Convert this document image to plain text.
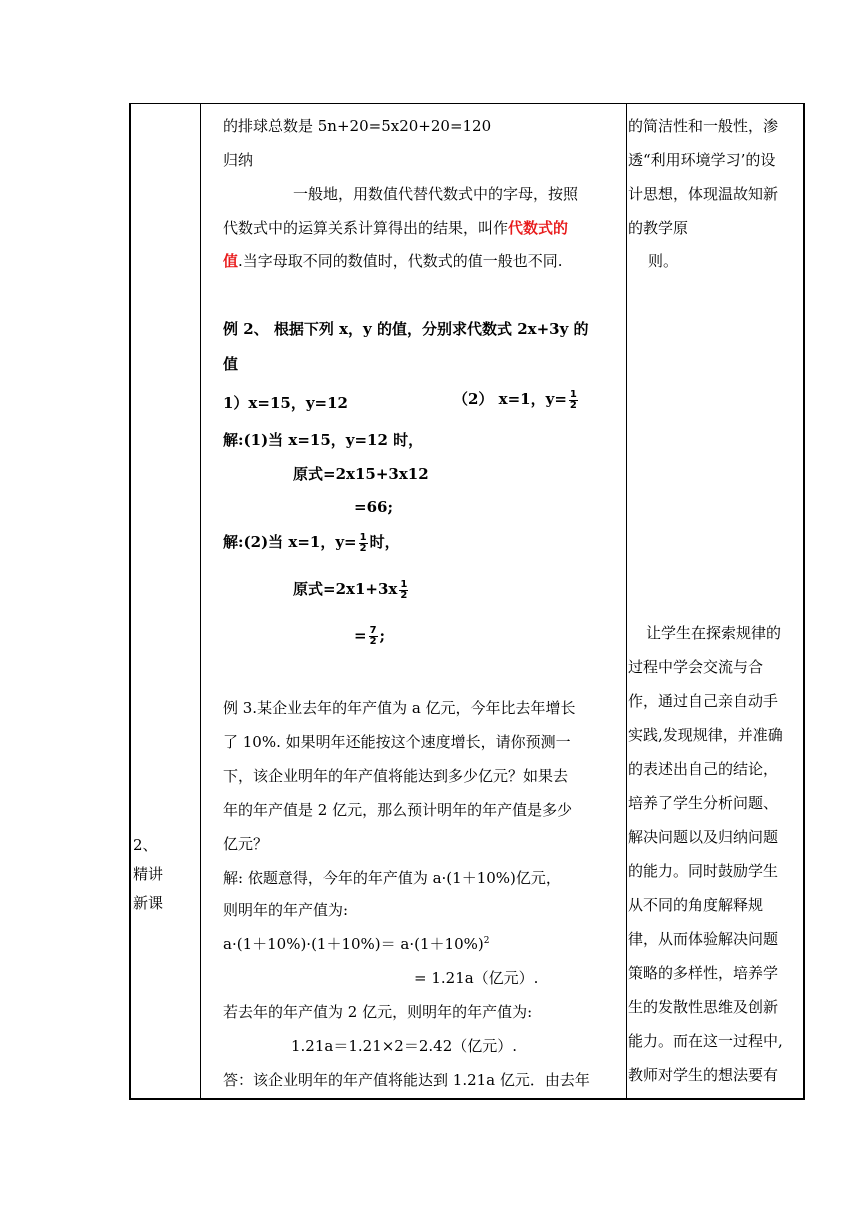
2、
精讲
新课
的排球总数是 5n+20=5x20+20=120
归纳
一般地，用数值代替代数式中的字母，按照
代数式中的运算关系计算得出的结果，叫作代数式的
值.当字母取不同的数值时，代数式的值一般也不同.
例 2、 根据下列 x，y 的值，分别求代数式 2x+3y 的
值
1）x=15，y=12	（2） x=1，$y= \frac{1}{2}$
解:(1)当 x=15，y=12 时，
原式=2x15+3x12
=66;
解:(2)当 x=1，$y= \frac{1}{2}$ 时，
原式$=2x1+3x \frac{1}{2}$
= $\frac{7}{2}$ ;
例 3.某企业去年的年产值为 a 亿元，今年比去年增长
了 10%. 如果明年还能按这个速度增长，请你预测一
下，该企业明年的年产值将能达到多少亿元？如果去
年的年产值是 2 亿元，那么预计明年的年产值是多少
亿元？
解: 依题意得，今年的年产值为 a·(1＋10%)亿元，
则明年的年产值为:
$a\cdot(1+10\%)\cdot(1+10\%)= a\cdot(1+10\%)^2$
= 1.21a（亿元）.
若去年的年产值为 2 亿元，则明年的年产值为:
1.21a＝1.21×2＝2.42（亿元）.
答：该企业明年的年产值将能达到 1.21a 亿元．由去年
的简洁性和一般性，渗
透“利用环境学习’的设
计思想，体现温故知新
的教学原
则。
让学生在探索规律的
过程中学会交流与合
作，通过自己亲自动手
实践,发现规律，并准确
的表述出自己的结论，
培养了学生分析问题、
解决问题以及归纳问题
的能力。同时鼓励学生
从不同的角度解释规
律，从而体验解决问题
策略的多样性，培养学
生的发散性思维及创新
能力。而在这一过程中,
教师对学生的想法要有
